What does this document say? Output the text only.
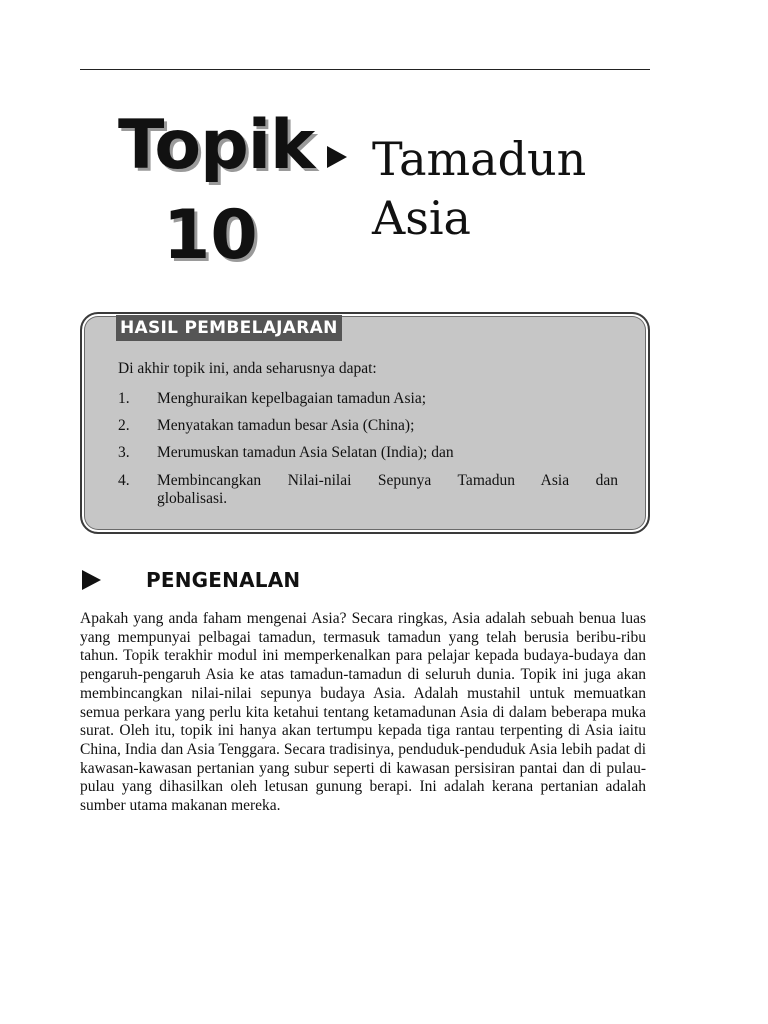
Topik
10
Tamadun
Asia
HASIL PEMBELAJARAN
Di akhir topik ini, anda seharusnya dapat:
1.	Menghuraikan kepelbagaian tamadun Asia;
2.	Menyatakan tamadun besar Asia (China);
3.	Merumuskan tamadun Asia Selatan (India); dan
4.	Membincangkan Nilai-nilai Sepunya Tamadun Asia dan globalisasi.
PENGENALAN

Apakah yang anda faham mengenai Asia? Secara ringkas, Asia adalah sebuah benua luas yang mempunyai pelbagai tamadun, termasuk tamadun yang telah berusia beribu-ribu tahun. Topik terakhir modul ini memperkenalkan para pelajar kepada budaya-budaya dan pengaruh-pengaruh Asia ke atas tamadun-tamadun di seluruh dunia. Topik ini juga akan membincangkan nilai-nilai sepunya budaya Asia. Adalah mustahil untuk memuatkan semua perkara yang perlu kita ketahui tentang ketamadunan Asia di dalam beberapa muka surat. Oleh itu, topik ini hanya akan tertumpu kepada tiga rantau terpenting di Asia iaitu China, India dan Asia Tenggara. Secara tradisinya, penduduk-penduduk Asia lebih padat di kawasan-kawasan pertanian yang subur seperti di kawasan persisiran pantai dan di pulau-pulau yang dihasilkan oleh letusan gunung berapi. Ini adalah kerana pertanian adalah sumber utama makanan mereka.
